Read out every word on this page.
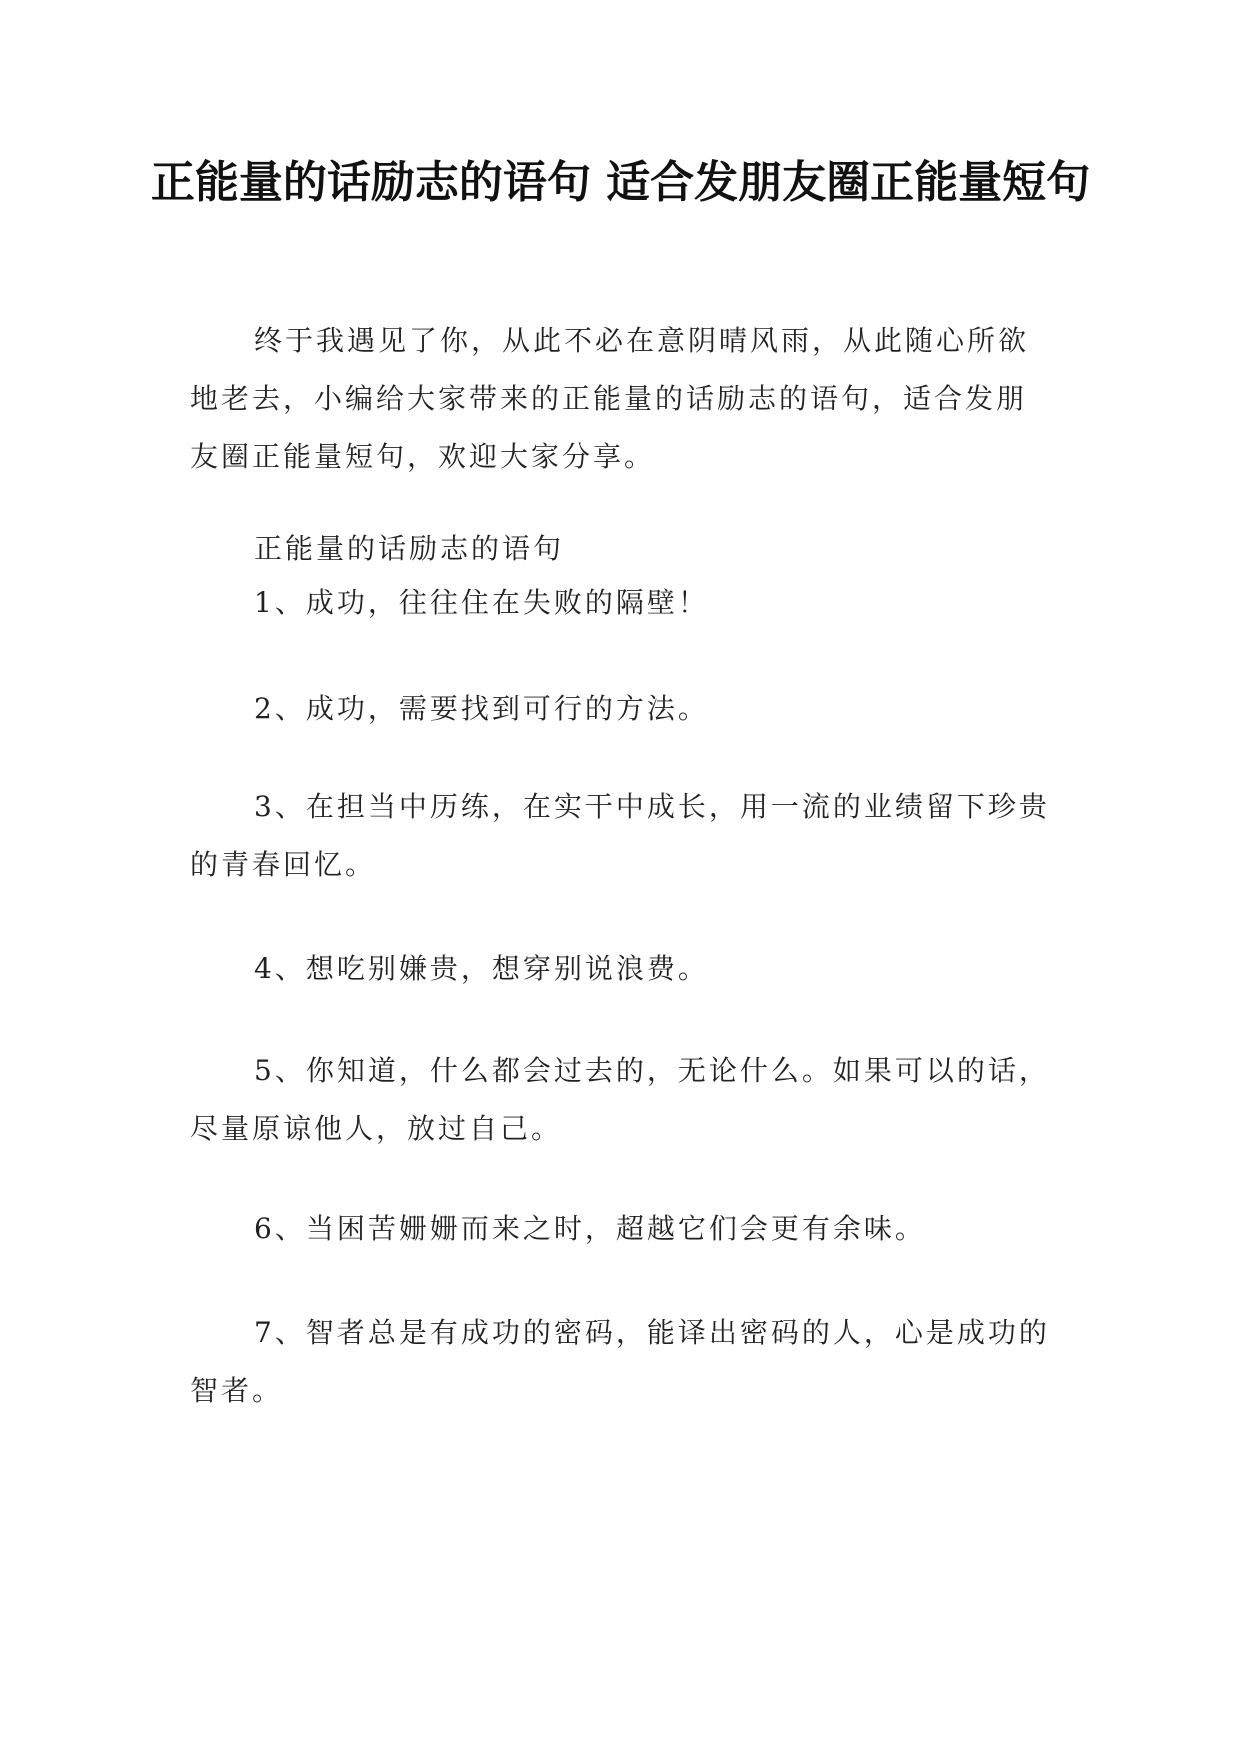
正能量的话励志的语句 适合发朋友圈正能量短句

终于我遇见了你，从此不必在意阴晴风雨，从此随心所欲地老去，小编给大家带来的正能量的话励志的语句，适合发朋友圈正能量短句，欢迎大家分享。

正能量的话励志的语句

1、成功，往往住在失败的隔壁！

2、成功，需要找到可行的方法。

3、在担当中历练，在实干中成长，用一流的业绩留下珍贵的青春回忆。

4、想吃别嫌贵，想穿别说浪费。

5、你知道，什么都会过去的，无论什么。如果可以的话，尽量原谅他人，放过自己。

6、当困苦姗姗而来之时，超越它们会更有余味。

7、智者总是有成功的密码，能译出密码的人，心是成功的智者。
